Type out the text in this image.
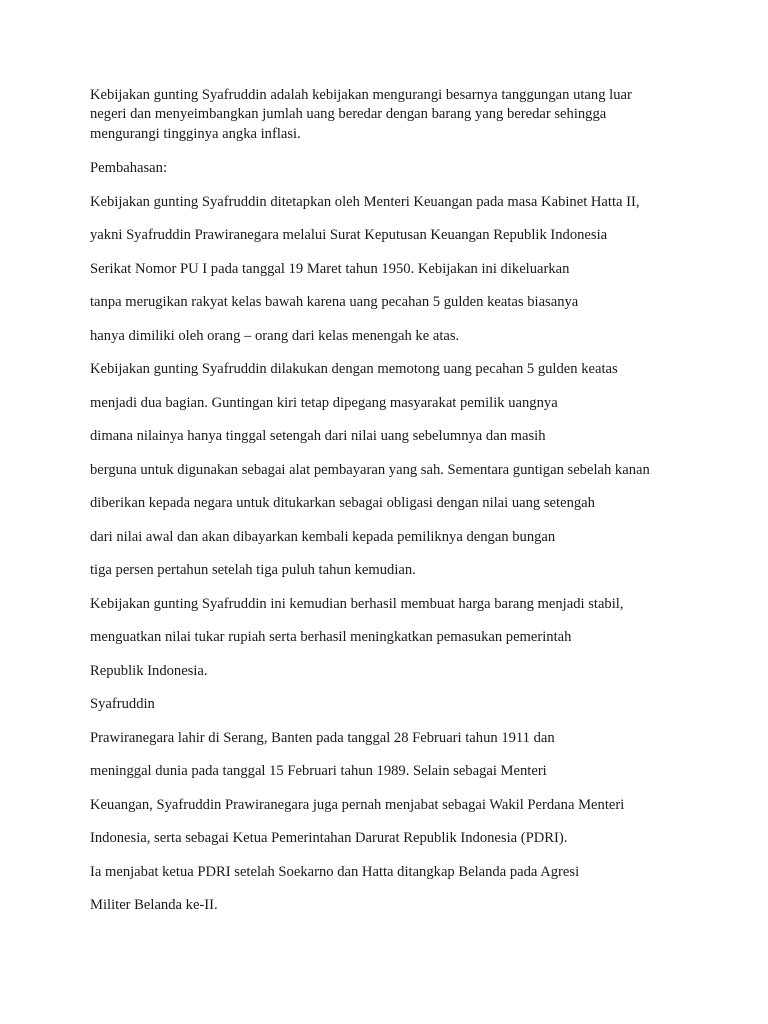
Kebijakan gunting Syafruddin adalah kebijakan mengurangi besarnya tanggungan utang luar
negeri dan menyeimbangkan jumlah uang beredar dengan barang yang beredar sehingga
mengurangi tingginya angka inflasi.
Pembahasan:
Kebijakan gunting Syafruddin ditetapkan oleh Menteri Keuangan pada masa Kabinet Hatta II,
yakni Syafruddin Prawiranegara melalui Surat Keputusan Keuangan Republik Indonesia
Serikat Nomor PU I pada tanggal 19 Maret tahun 1950. Kebijakan ini dikeluarkan
tanpa merugikan rakyat kelas bawah karena uang pecahan 5 gulden keatas biasanya
hanya dimiliki oleh orang – orang dari kelas menengah ke atas.
Kebijakan gunting Syafruddin dilakukan dengan memotong uang pecahan 5 gulden keatas
menjadi dua bagian. Guntingan kiri tetap dipegang masyarakat pemilik uangnya
dimana nilainya hanya tinggal setengah dari nilai uang sebelumnya dan masih
berguna untuk digunakan sebagai alat pembayaran yang sah. Sementara guntigan sebelah kanan
diberikan kepada negara untuk ditukarkan sebagai obligasi dengan nilai uang setengah
dari nilai awal dan akan dibayarkan kembali kepada pemiliknya dengan bungan
tiga persen pertahun setelah tiga puluh tahun kemudian.
Kebijakan gunting Syafruddin ini kemudian berhasil membuat harga barang menjadi stabil,
menguatkan nilai tukar rupiah serta berhasil meningkatkan pemasukan pemerintah
Republik Indonesia.
Syafruddin
Prawiranegara lahir di Serang, Banten pada tanggal 28 Februari tahun 1911 dan
meninggal dunia pada tanggal 15 Februari tahun 1989. Selain sebagai Menteri
Keuangan, Syafruddin Prawiranegara juga pernah menjabat sebagai Wakil Perdana Menteri
Indonesia, serta sebagai Ketua Pemerintahan Darurat Republik Indonesia (PDRI).
Ia menjabat ketua PDRI setelah Soekarno dan Hatta ditangkap Belanda pada Agresi
Militer Belanda ke-II.
